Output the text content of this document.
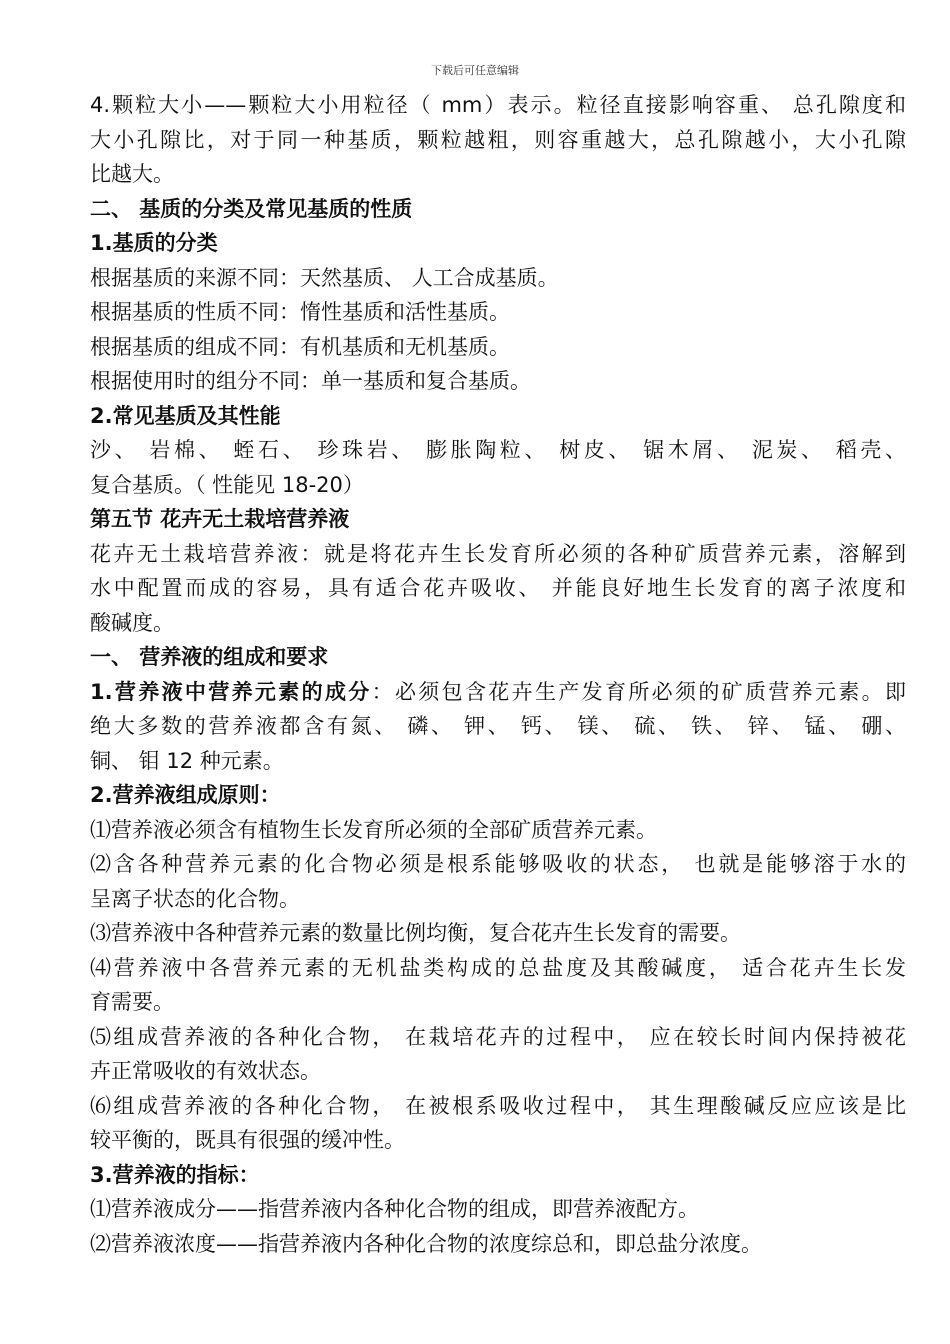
下载后可任意编辑
4.颗粒大小——颗粒大小用粒径（ mm）表示。粒径直接影响容重、 总孔隙度和
大小孔隙比，对于同一种基质，颗粒越粗，则容重越大，总孔隙越小，大小孔隙
比越大。
二、 基质的分类及常见基质的性质
1.基质的分类
根据基质的来源不同：天然基质、 人工合成基质。
根据基质的性质不同：惰性基质和活性基质。
根据基质的组成不同：有机基质和无机基质。
根据使用时的组分不同：单一基质和复合基质。
2.常见基质及其性能
沙、 岩棉、 蛭石、 珍珠岩、 膨胀陶粒、 树皮、 锯木屑、 泥炭、 稻壳、
复合基质。（ 性能见 18-20）
第五节 花卉无土栽培营养液
花卉无土栽培营养液：就是将花卉生长发育所必须的各种矿质营养元素，溶解到
水中配置而成的容易，具有适合花卉吸收、 并能良好地生长发育的离子浓度和
酸碱度。
一、 营养液的组成和要求
1.营养液中营养元素的成分：必须包含花卉生产发育所必须的矿质营养元素。即
绝大多数的营养液都含有氮、 磷、 钾、 钙、 镁、 硫、 铁、 锌、 锰、 硼、
铜、 钼 12 种元素。
2.营养液组成原则：
⑴营养液必须含有植物生长发育所必须的全部矿质营养元素。
⑵含各种营养元素的化合物必须是根系能够吸收的状态， 也就是能够溶于水的
呈离子状态的化合物。
⑶营养液中各种营养元素的数量比例均衡，复合花卉生长发育的需要。
⑷营养液中各营养元素的无机盐类构成的总盐度及其酸碱度， 适合花卉生长发
育需要。
⑸组成营养液的各种化合物， 在栽培花卉的过程中， 应在较长时间内保持被花
卉正常吸收的有效状态。
⑹组成营养液的各种化合物， 在被根系吸收过程中， 其生理酸碱反应应该是比
较平衡的，既具有很强的缓冲性。
3.营养液的指标：
⑴营养液成分——指营养液内各种化合物的组成，即营养液配方。
⑵营养液浓度——指营养液内各种化合物的浓度综总和，即总盐分浓度。
